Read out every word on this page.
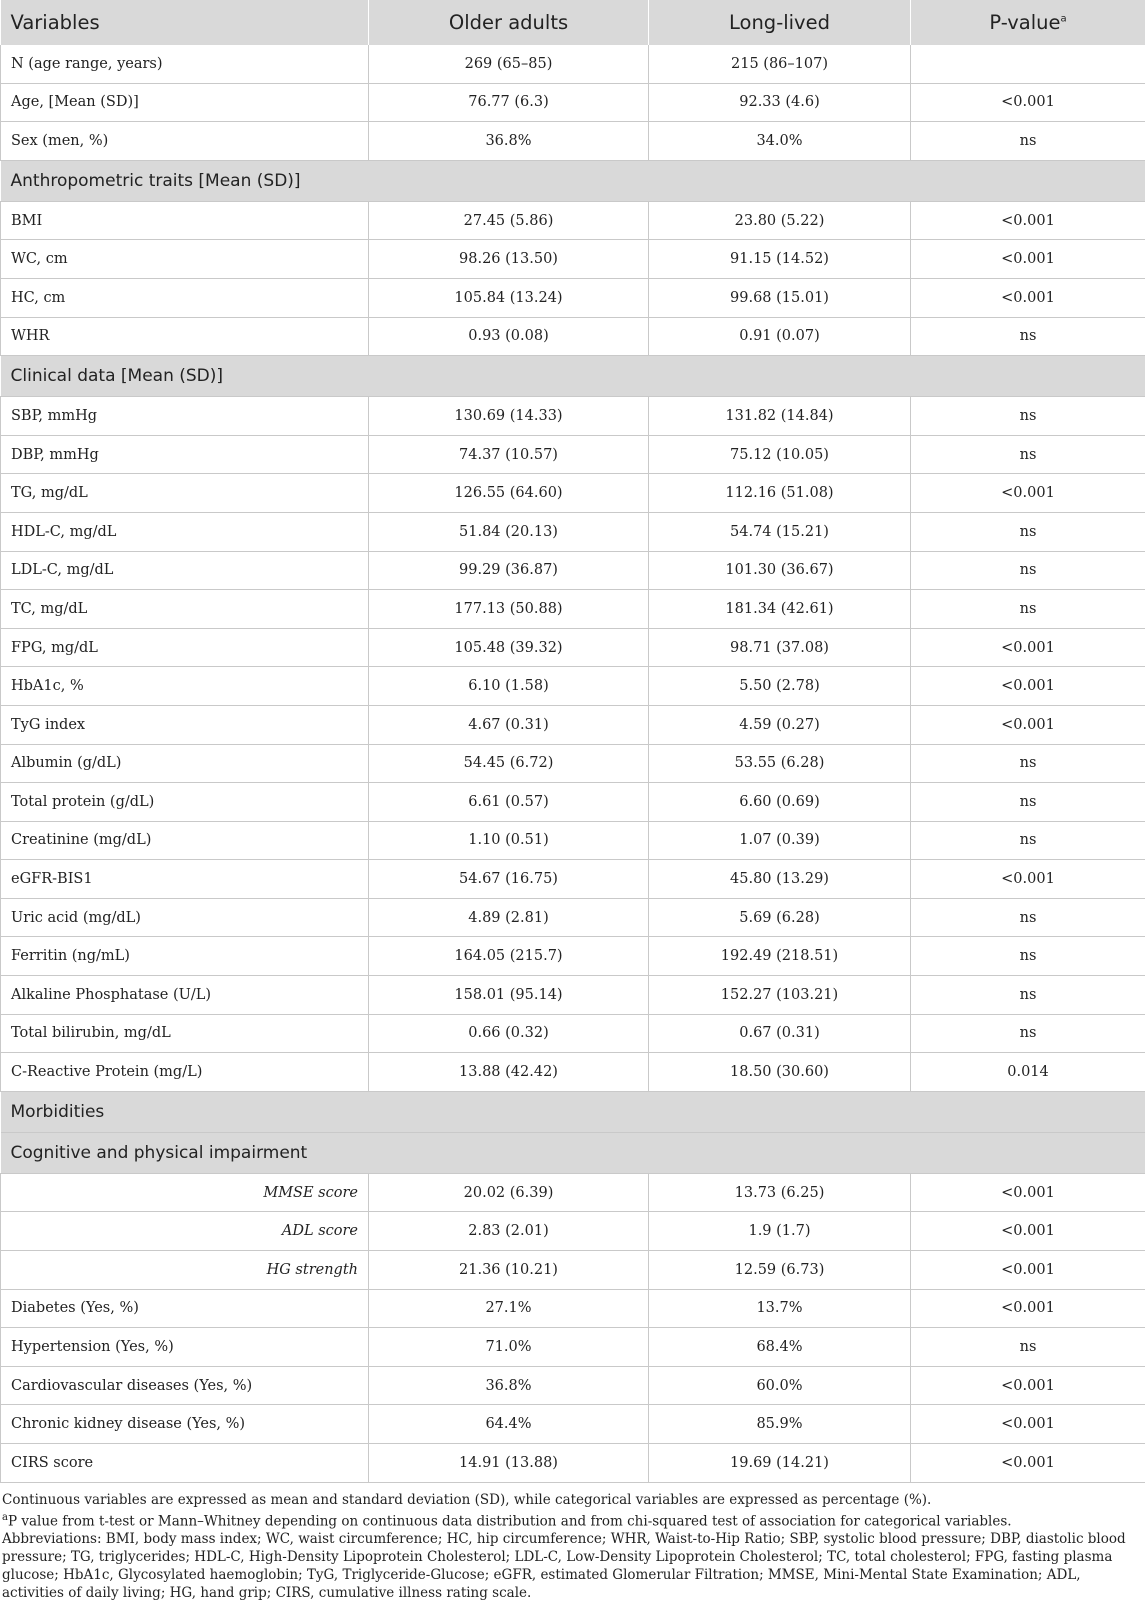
Variables	Older adults	Long-lived	P-value$^a$
N (age range, years)	269 (65–85)	215 (86–107)	
Age, [Mean (SD)]	76.77 (6.3)	92.33 (4.6)	<0.001
Sex (men, %)	36.8%	34.0%	ns
Anthropometric traits [Mean (SD)]			
BMI	27.45 (5.86)	23.80 (5.22)	<0.001
WC, cm	98.26 (13.50)	91.15 (14.52)	<0.001
HC, cm	105.84 (13.24)	99.68 (15.01)	<0.001
WHR	0.93 (0.08)	0.91 (0.07)	ns
Clinical data [Mean (SD)]			
SBP, mmHg	130.69 (14.33)	131.82 (14.84)	ns
DBP, mmHg	74.37 (10.57)	75.12 (10.05)	ns
TG, mg/dL	126.55 (64.60)	112.16 (51.08)	<0.001
HDL-C, mg/dL	51.84 (20.13)	54.74 (15.21)	ns
LDL-C, mg/dL	99.29 (36.87)	101.30 (36.67)	ns
TC, mg/dL	177.13 (50.88)	181.34 (42.61)	ns
FPG, mg/dL	105.48 (39.32)	98.71 (37.08)	<0.001
HbA1c, %	6.10 (1.58)	5.50 (2.78)	<0.001
TyG index	4.67 (0.31)	4.59 (0.27)	<0.001
Albumin (g/dL)	54.45 (6.72)	53.55 (6.28)	ns
Total protein (g/dL)	6.61 (0.57)	6.60 (0.69)	ns
Creatinine (mg/dL)	1.10 (0.51)	1.07 (0.39)	ns
eGFR-BIS1	54.67 (16.75)	45.80 (13.29)	<0.001
Uric acid (mg/dL)	4.89 (2.81)	5.69 (6.28)	ns
Ferritin (ng/mL)	164.05 (215.7)	192.49 (218.51)	ns
Alkaline Phosphatase (U/L)	158.01 (95.14)	152.27 (103.21)	ns
Total bilirubin, mg/dL	0.66 (0.32)	0.67 (0.31)	ns
C-Reactive Protein (mg/L)	13.88 (42.42)	18.50 (30.60)	0.014
Morbidities			
Cognitive and physical impairment			
MMSE score	20.02 (6.39)	13.73 (6.25)	<0.001
ADL score	2.83 (2.01)	1.9 (1.7)	<0.001
HG strength	21.36 (10.21)	12.59 (6.73)	<0.001
Diabetes (Yes, %)	27.1%	13.7%	<0.001
Hypertension (Yes, %)	71.0%	68.4%	ns
Cardiovascular diseases (Yes, %)	36.8%	60.0%	<0.001
Chronic kidney disease (Yes, %)	64.4%	85.9%	<0.001
CIRS score	14.91 (13.88)	19.69 (14.21)	<0.001

Continuous variables are expressed as mean and standard deviation (SD), while categorical variables are expressed as percentage (%).

$^a$P value from t-test or Mann–Whitney depending on continuous data distribution and from chi-squared test of association for categorical variables.

Abbreviations: BMI, body mass index; WC, waist circumference; HC, hip circumference; WHR, Waist-to-Hip Ratio; SBP, systolic blood pressure; DBP, diastolic blood pressure; TG, triglycerides; HDL-C, High-Density Lipoprotein Cholesterol; LDL-C, Low-Density Lipoprotein Cholesterol; TC, total cholesterol; FPG, fasting plasma glucose; HbA1c, Glycosylated haemoglobin; TyG, Triglyceride-Glucose; eGFR, estimated Glomerular Filtration; MMSE, Mini-Mental State Examination; ADL, activities of daily living; HG, hand grip; CIRS, cumulative illness rating scale.
